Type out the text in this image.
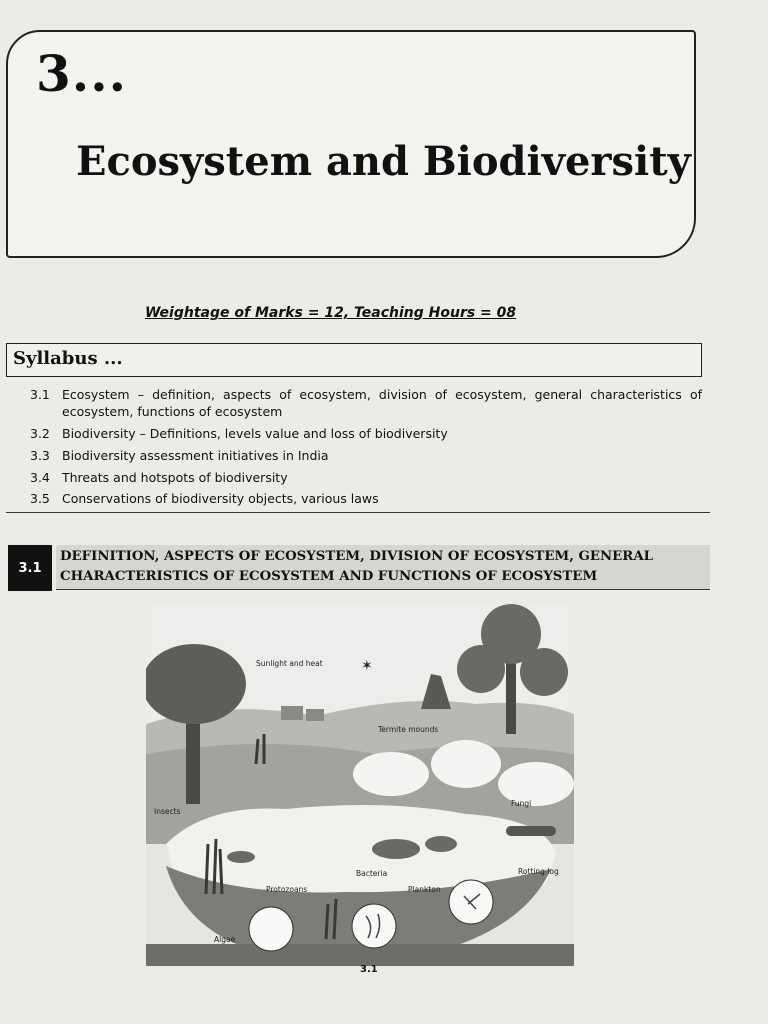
3...
Ecosystem and Biodiversity
Weightage of Marks = 12, Teaching Hours = 08
Syllabus ...
3.1 Ecosystem – definition, aspects of ecosystem, division of ecosystem, general characteristics of ecosystem, functions of ecosystem
3.2 Biodiversity – Definitions, levels value and loss of biodiversity
3.3 Biodiversity assessment initiatives in India
3.4 Threats and hotspots of biodiversity
3.5 Conservations of biodiversity objects, various laws
3.1
DEFINITION, ASPECTS OF ECOSYSTEM, DIVISION OF ECOSYSTEM, GENERAL
CHARACTERISTICS OF ECOSYSTEM AND FUNCTIONS OF ECOSYSTEM
✶
Sunlight and heat
Termite mounds
Insects
Fungi
Bacteria
Protozoans	Plankton
Rotting log
Algae
3.1
